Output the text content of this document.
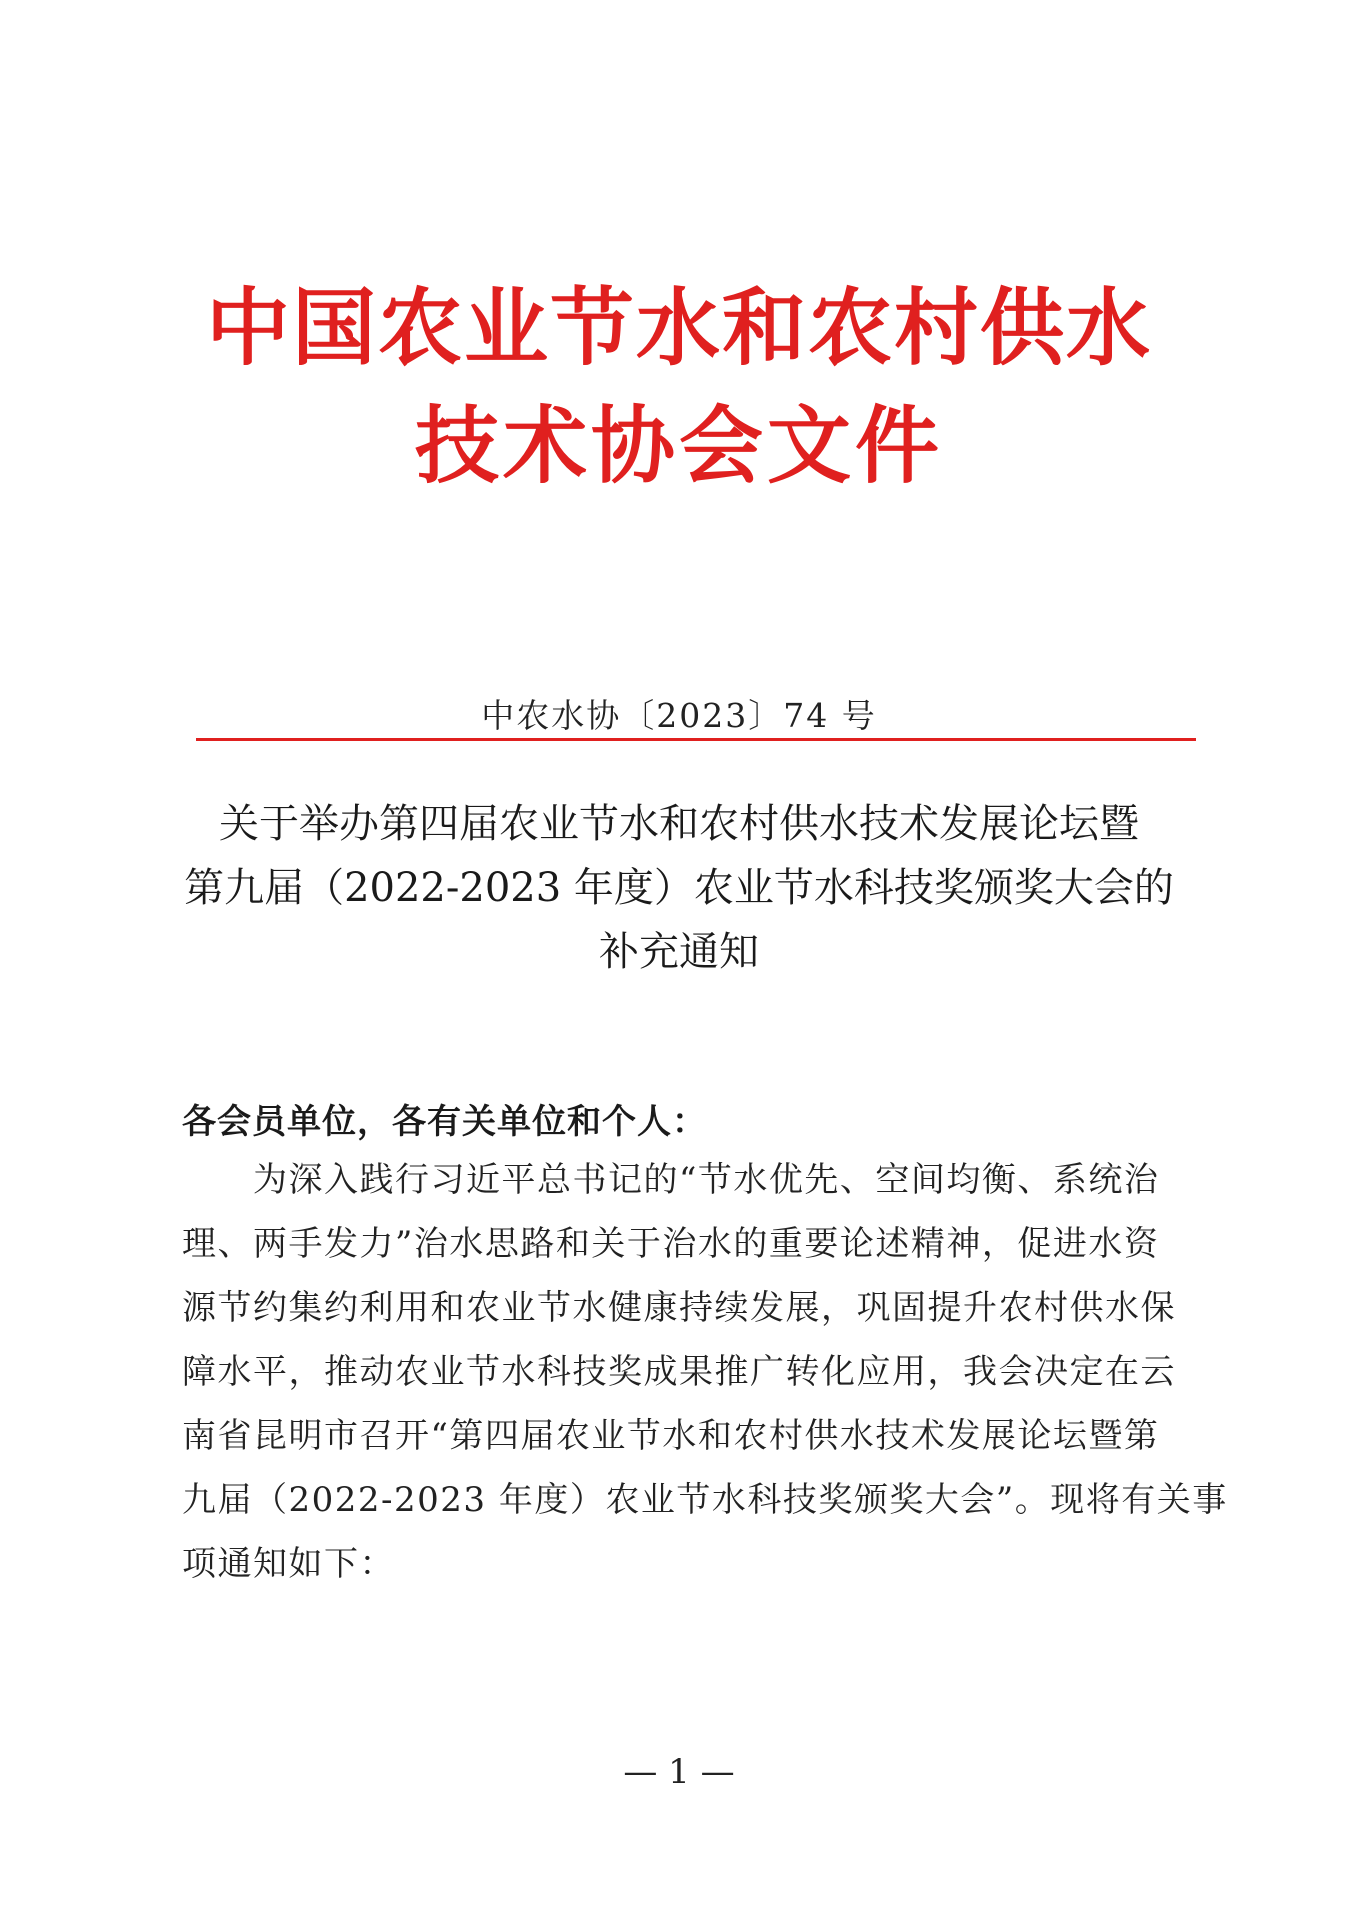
中国农业节水和农村供水
技术协会文件
中农水协〔2023〕74 号
关于举办第四届农业节水和农村供水技术发展论坛暨
第九届（2022-2023 年度）农业节水科技奖颁奖大会的
补充通知
各会员单位，各有关单位和个人：
　　为深入践行习近平总书记的“节水优先、空间均衡、系统治
理、两手发力”治水思路和关于治水的重要论述精神，促进水资
源节约集约利用和农业节水健康持续发展，巩固提升农村供水保
障水平，推动农业节水科技奖成果推广转化应用，我会决定在云
南省昆明市召开“第四届农业节水和农村供水技术发展论坛暨第
九届（2022-2023 年度）农业节水科技奖颁奖大会”。现将有关事
项通知如下：
— 1 —
